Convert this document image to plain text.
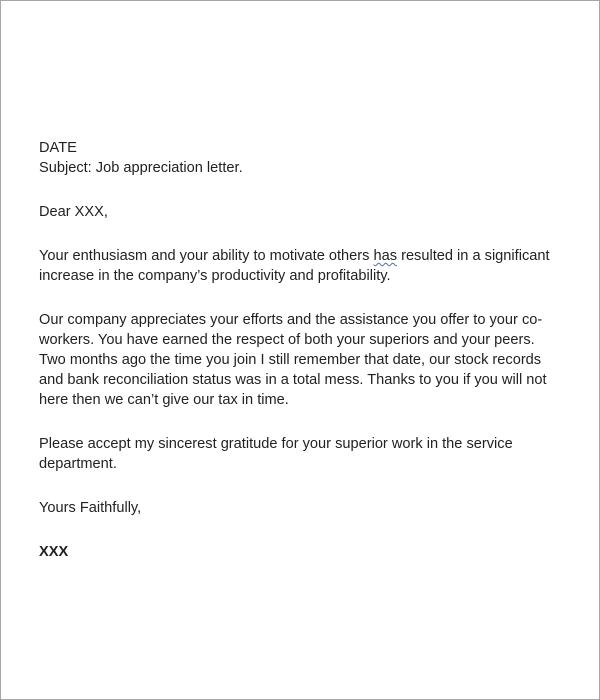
DATE

Subject: Job appreciation letter.

Dear XXX,

Your enthusiasm and your ability to motivate others has resulted in a significant

increase in the company’s productivity and profitability.

Our company appreciates your efforts and the assistance you offer to your co-

workers. You have earned the respect of both your superiors and your peers.

Two months ago the time you join I still remember that date, our stock records

and bank reconciliation status was in a total mess. Thanks to you if you will not

here then we can’t give our tax in time.

Please accept my sincerest gratitude for your superior work in the service

department.

Yours Faithfully,

XXX
